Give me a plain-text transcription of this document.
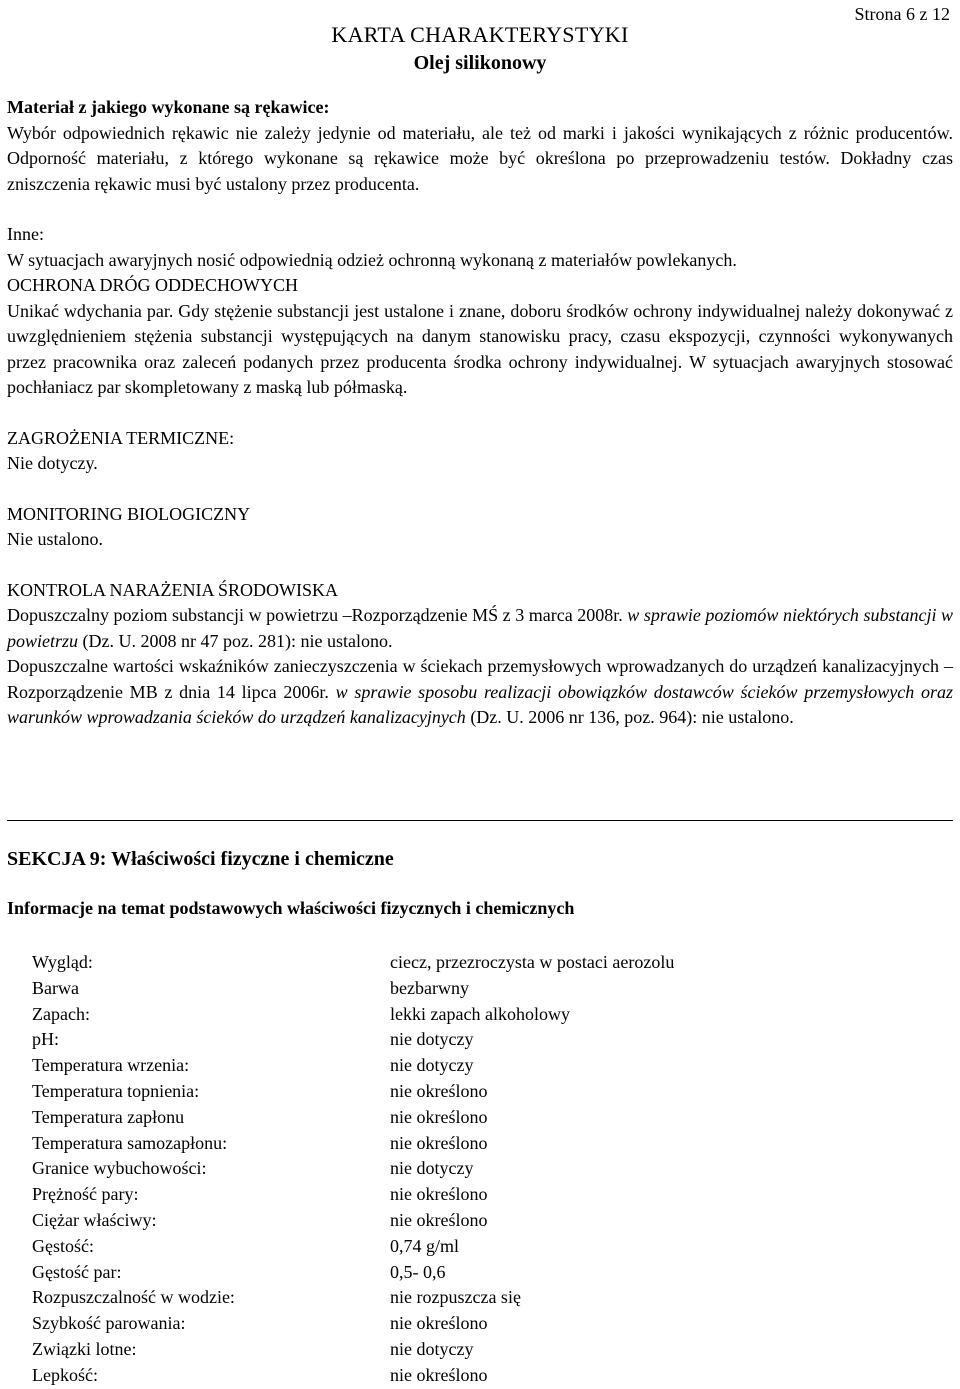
Strona 6 z 12
KARTA CHARAKTERYSTYKI
Olej silikonowy
Materiał z jakiego wykonane są rękawice:
Wybór odpowiednich rękawic nie zależy jedynie od materiału, ale też od marki i jakości wynikających z różnic producentów. Odporność materiału, z którego wykonane są rękawice może być określona po przeprowadzeniu testów. Dokładny czas zniszczenia rękawic musi być ustalony przez producenta.
Inne:
W sytuacjach awaryjnych nosić odpowiednią odzież ochronną wykonaną z materiałów powlekanych.
OCHRONA DRÓG ODDECHOWYCH
Unikać wdychania par. Gdy stężenie substancji jest ustalone i znane, doboru środków ochrony indywidualnej należy dokonywać z uwzględnieniem stężenia substancji występujących na danym stanowisku pracy, czasu ekspozycji, czynności wykonywanych przez pracownika oraz zaleceń podanych przez producenta środka ochrony indywidualnej. W sytuacjach awaryjnych stosować pochłaniacz par skompletowany z maską lub półmaską.
ZAGROŻENIA TERMICZNE:
Nie dotyczy.
MONITORING BIOLOGICZNY
Nie ustalono.
KONTROLA NARAŻENIA ŚRODOWISKA
Dopuszczalny poziom substancji w powietrzu –Rozporządzenie MŚ z 3 marca 2008r. w sprawie poziomów niektórych substancji w powietrzu (Dz. U. 2008 nr 47 poz. 281): nie ustalono.
Dopuszczalne wartości wskaźników zanieczyszczenia w ściekach przemysłowych wprowadzanych do urządzeń kanalizacyjnych – Rozporządzenie MB z dnia 14 lipca 2006r. w sprawie sposobu realizacji obowiązków dostawców ścieków przemysłowych oraz warunków wprowadzania ścieków do urządzeń kanalizacyjnych (Dz. U. 2006 nr 136, poz. 964): nie ustalono.
SEKCJA 9: Właściwości fizyczne i chemiczne
Informacje na temat podstawowych właściwości fizycznych i chemicznych
Wygląd:	ciecz, przezroczysta w postaci aerozolu
Barwa	bezbarwny
Zapach:	lekki zapach alkoholowy
pH:	nie dotyczy
Temperatura wrzenia:	nie dotyczy
Temperatura topnienia:	nie określono
Temperatura zapłonu	nie określono
Temperatura samozapłonu:	nie określono
Granice wybuchowości:	nie dotyczy
Prężność pary:	nie określono
Ciężar właściwy:	nie określono
Gęstość:	0,74 g/ml
Gęstość par:	0,5- 0,6
Rozpuszczalność w wodzie:	nie rozpuszcza się
Szybkość parowania:	nie określono
Związki lotne:	nie dotyczy
Lepkość:	nie określono
